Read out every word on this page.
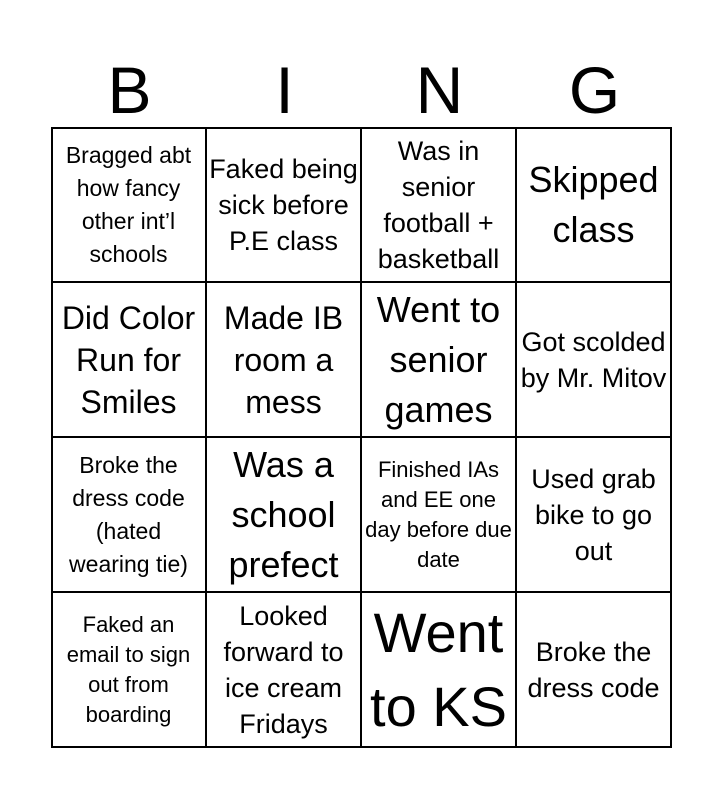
B	I	N	G
Bragged abt how fancy other int’l schools
Faked being sick before P.E class
Was in senior football + basketball
Skipped class
Did Color Run for Smiles
Made IB room a mess
Went to senior games
Got scolded by Mr. Mitov
Broke the dress code (hated wearing tie)
Was a school prefect
Finished IAs and EE one day before due date
Used grab bike to go out
Faked an email to sign out from boarding
Looked forward to ice cream Fridays
Went to KS
Broke the dress code
